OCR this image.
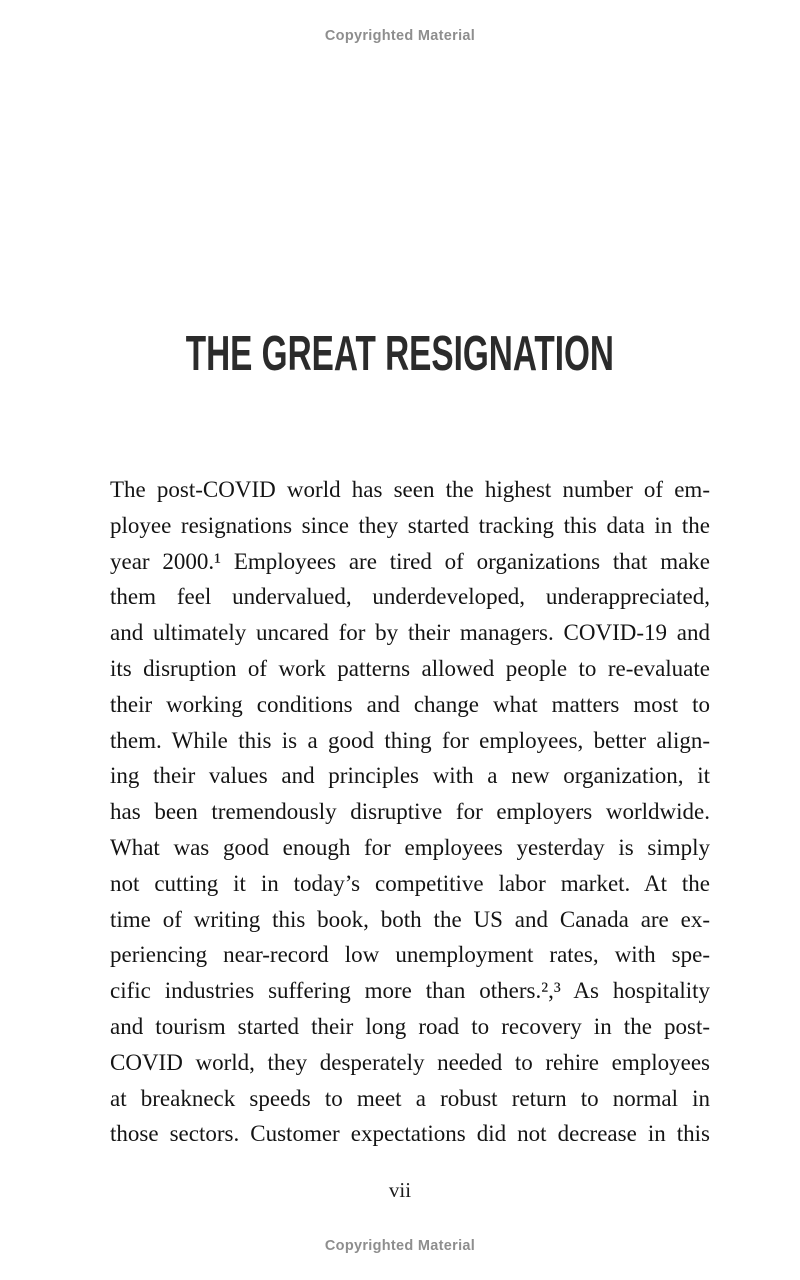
Copyrighted Material
THE GREAT RESIGNATION
The post-COVID world has seen the highest number of em-
ployee resignations since they started tracking this data in the
year 2000.¹ Employees are tired of organizations that make
them feel undervalued, underdeveloped, underappreciated,
and ultimately uncared for by their managers. COVID-19 and
its disruption of work patterns allowed people to re-evaluate
their working conditions and change what matters most to
them. While this is a good thing for employees, better align-
ing their values and principles with a new organization, it
has been tremendously disruptive for employers worldwide.
What was good enough for employees yesterday is simply
not cutting it in today’s competitive labor market. At the
time of writing this book, both the US and Canada are ex-
periencing near-record low unemployment rates, with spe-
cific industries suffering more than others.²,³ As hospitality
and tourism started their long road to recovery in the post-
COVID world, they desperately needed to rehire employees
at breakneck speeds to meet a robust return to normal in
those sectors. Customer expectations did not decrease in this
vii
Copyrighted Material
